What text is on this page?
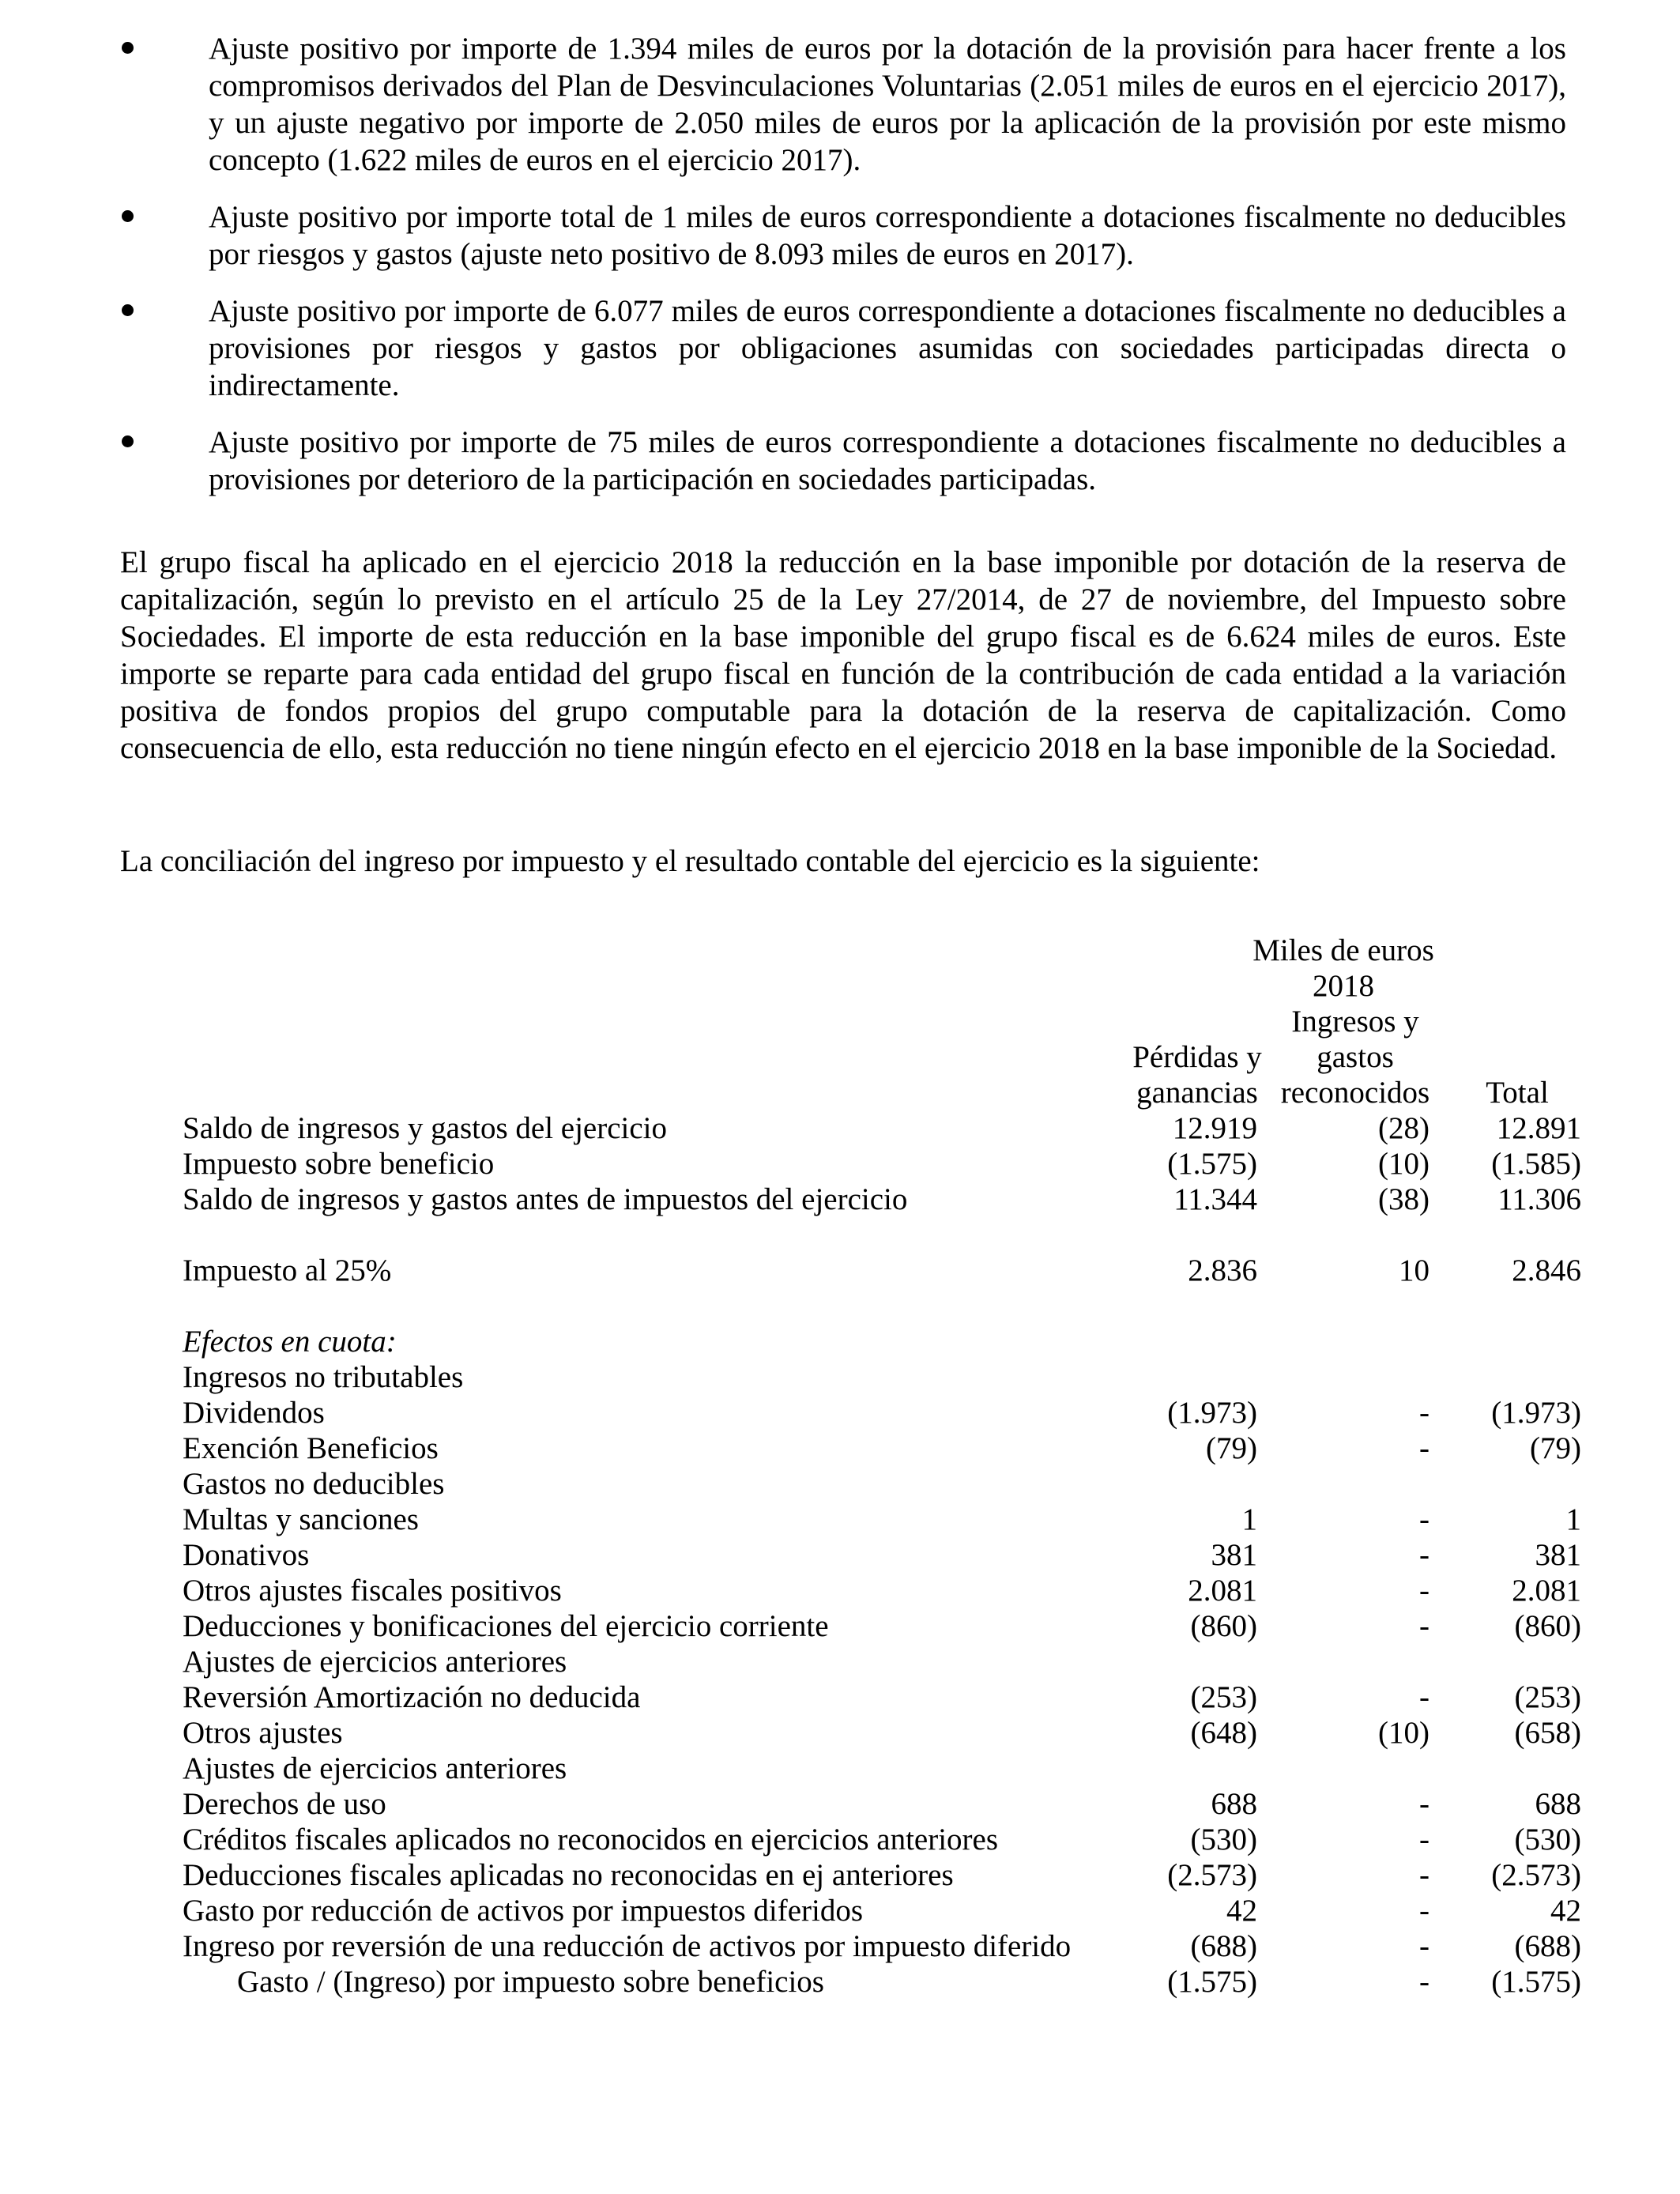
Ajuste positivo por importe de 1.394 miles de euros por la dotación de la provisión para hacer frente a los compromisos derivados del Plan de Desvinculaciones Voluntarias (2.051 miles de euros en el ejercicio 2017), y un ajuste negativo por importe de 2.050 miles de euros por la aplicación de la provisión por este mismo concepto (1.622 miles de euros en el ejercicio 2017).
Ajuste positivo por importe total de 1 miles de euros correspondiente a dotaciones fiscalmente no deducibles por riesgos y gastos (ajuste neto positivo de 8.093 miles de euros en 2017).
Ajuste positivo por importe de 6.077 miles de euros correspondiente a dotaciones fiscalmente no deducibles a provisiones por riesgos y gastos por obligaciones asumidas con sociedades participadas directa o indirectamente.
Ajuste positivo por importe de 75 miles de euros correspondiente a dotaciones fiscalmente no deducibles a provisiones por deterioro de la participación en sociedades participadas.
El grupo fiscal ha aplicado en el ejercicio 2018 la reducción en la base imponible por dotación de la reserva de capitalización, según lo previsto en el artículo 25 de la Ley 27/2014, de 27 de noviembre, del Impuesto sobre Sociedades. El importe de esta reducción en la base imponible del grupo fiscal es de 6.624 miles de euros. Este importe se reparte para cada entidad del grupo fiscal en función de la contribución de cada entidad a la variación positiva de fondos propios del grupo computable para la dotación de la reserva de capitalización. Como consecuencia de ello, esta reducción no tiene ningún efecto en el ejercicio 2018 en la base imponible de la Sociedad.
La conciliación del ingreso por impuesto y el resultado contable del ejercicio es la siguiente:
Miles de euros
2018
Ingresos y
gastos
reconocidos
Pérdidas y
ganancias	Total
Saldo de ingresos y gastos del ejercicio	12.919	(28) 12.891
Impuesto sobre beneficio	(1.575)	(10) (1.585)
Saldo de ingresos y gastos antes de impuestos del ejercicio	11.344	(38) 11.306
Impuesto al 25%	2.836	10	2.846
Efectos en cuota:
Ingresos no tributables
Dividendos	(1.973)	- (1.973)
Exención Beneficios	(79)	-	(79)
Gastos no deducibles
Multas y sanciones	1	-	1
Donativos	381	-	381
Otros ajustes fiscales positivos	2.081	-	2.081
Deducciones y bonificaciones del ejercicio corriente	(860)	-	(860)
Ajustes de ejercicios anteriores
Reversión Amortización no deducida	(253)	-	(253)
Otros ajustes	(648)	(10)	(658)
Ajustes de ejercicios anteriores
Derechos de uso	688	-	688
Créditos fiscales aplicados no reconocidos en ejercicios anteriores	(530)	-	(530)
Deducciones fiscales aplicadas no reconocidas en ej anteriores	(2.573)	- (2.573)
Gasto por reducción de activos por impuestos diferidos	42	-	42
Ingreso por reversión de una reducción de activos por impuesto diferido	(688)	-	(688)
Gasto / (Ingreso) por impuesto sobre beneficios	(1.575)	- (1.575)
